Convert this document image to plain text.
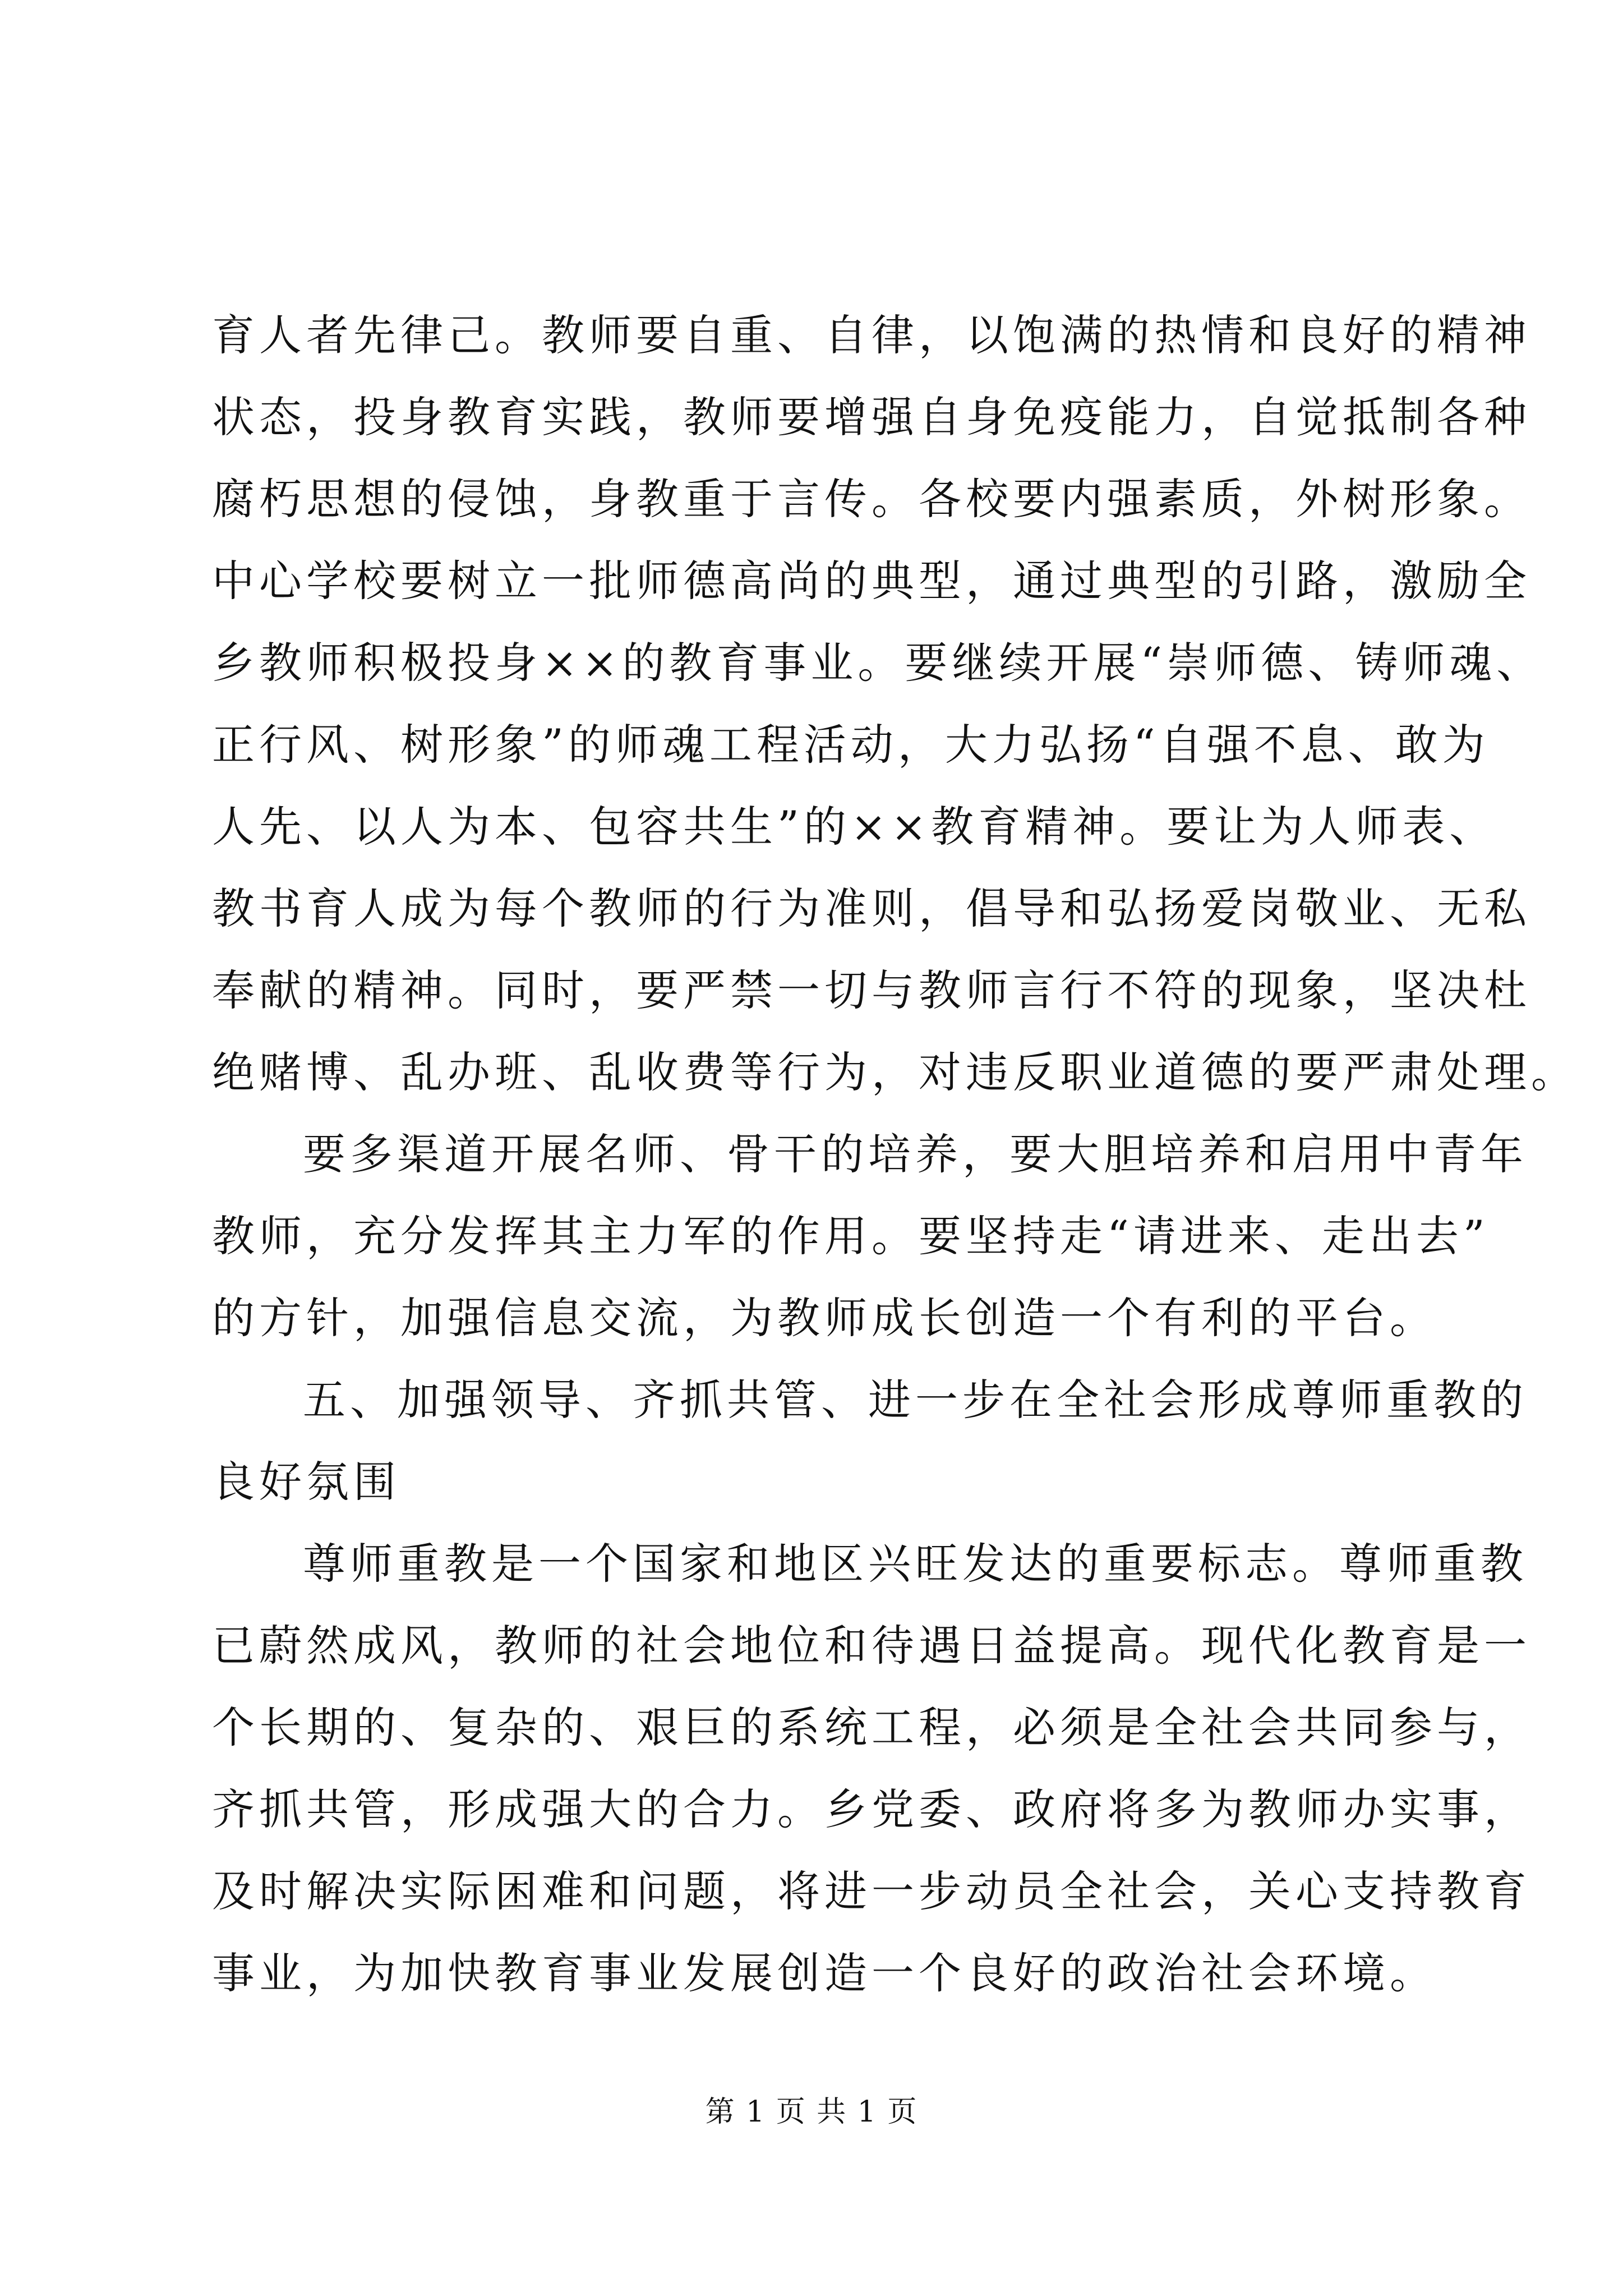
育人者先律己。教师要自重、自律，以饱满的热情和良好的精神
状态，投身教育实践，教师要增强自身免疫能力，自觉抵制各种
腐朽思想的侵蚀，身教重于言传。各校要内强素质，外树形象。
中心学校要树立一批师德高尚的典型，通过典型的引路，激励全
乡教师积极投身××的教育事业。要继续开展“崇师德、铸师魂、
正行风、树形象”的师魂工程活动，大力弘扬“自强不息、敢为
人先、以人为本、包容共生”的××教育精神。要让为人师表、
教书育人成为每个教师的行为准则，倡导和弘扬爱岗敬业、无私
奉献的精神。同时，要严禁一切与教师言行不符的现象，坚决杜
绝赌博、乱办班、乱收费等行为，对违反职业道德的要严肃处理。
要多渠道开展名师、骨干的培养，要大胆培养和启用中青年
教师，充分发挥其主力军的作用。要坚持走“请进来、走出去”
的方针，加强信息交流，为教师成长创造一个有利的平台。
五、加强领导、齐抓共管、进一步在全社会形成尊师重教的
良好氛围
尊师重教是一个国家和地区兴旺发达的重要标志。尊师重教
已蔚然成风，教师的社会地位和待遇日益提高。现代化教育是一
个长期的、复杂的、艰巨的系统工程，必须是全社会共同参与，
齐抓共管，形成强大的合力。乡党委、政府将多为教师办实事，
及时解决实际困难和问题，将进一步动员全社会，关心支持教育
事业，为加快教育事业发展创造一个良好的政治社会环境。
第 1 页 共 1 页
